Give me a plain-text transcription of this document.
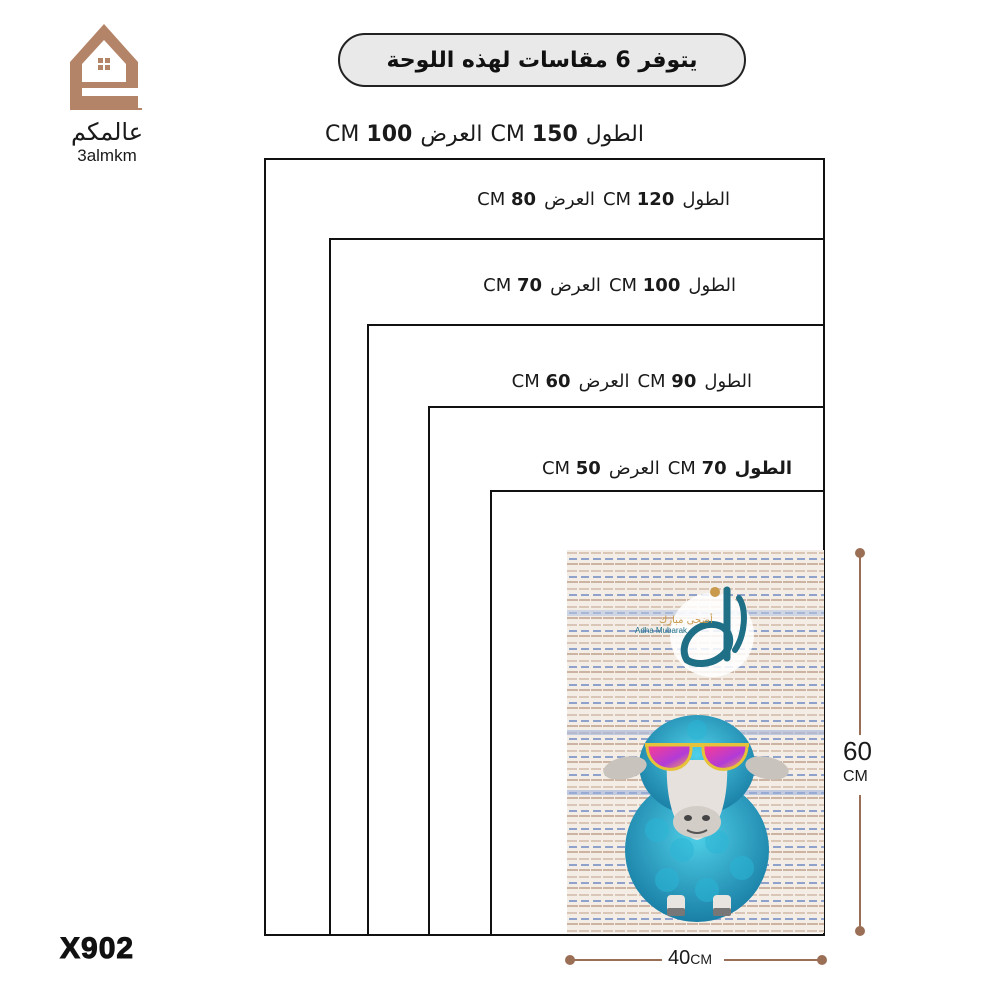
عالمكم
3almkm
يتوفر 6 مقاسات لهذه اللوحة
الطول150 CMالعرض100 CM
الطول120 CMالعرض80 CM
الطول100 CMالعرض70 CM
الطول90 CMالعرض60 CM
الطول70 CMالعرض50 CM
أضحى مبارك
Adha Mubarak
60
CM
40CM
X902
